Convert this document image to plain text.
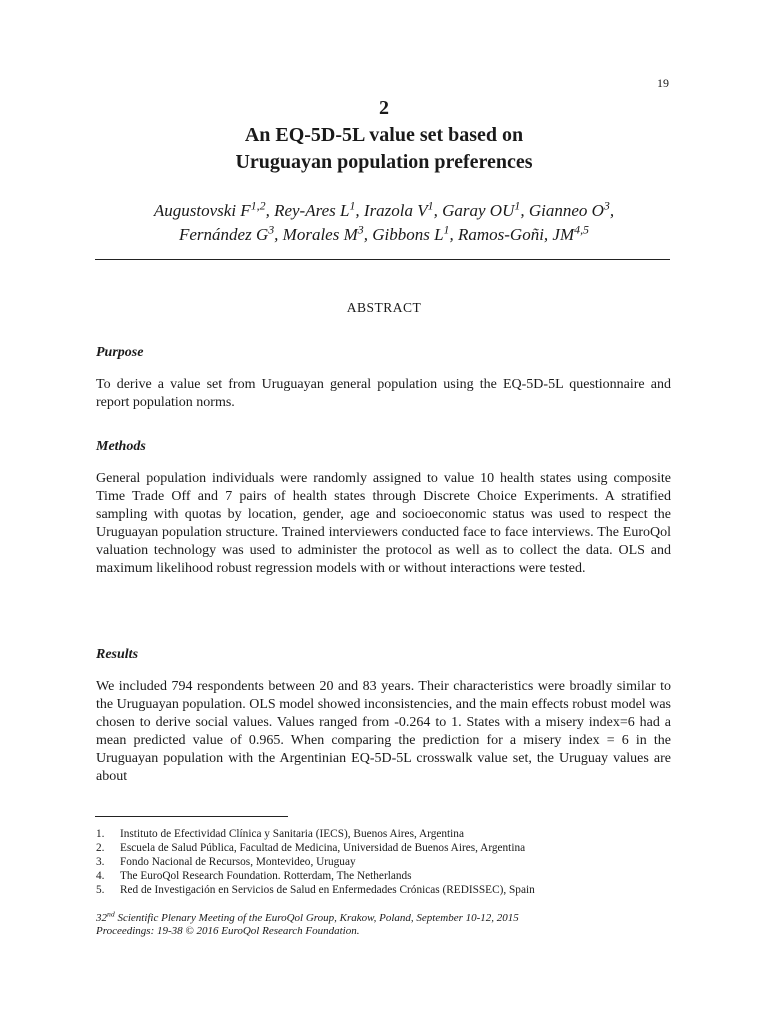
19
2
An EQ-5D-5L value set based on
Uruguayan population preferences
Augustovski F$^{1,2}$, Rey-Ares $L^1$, Irazola $V^1$, Garay $OU^1$, Gianneo $O^3$,
Fernández $G^3$, Morales $M^3$, Gibbons $L^1$, Ramos-Goñi, JM$^{4,5}$
ABSTRACT
Purpose

To derive a value set from Uruguayan general population using the EQ-5D-5L questionnaire and report population norms.

Methods

General population individuals were randomly assigned to value 10 health states using composite Time Trade Off and 7 pairs of health states through Discrete Choice Experiments. A stratified sampling with quotas by location, gender, age and socioeconomic status was used to respect the Uruguayan population structure. Trained interviewers conducted face to face interviews. The EuroQol valuation technology was used to administer the protocol as well as to collect the data. OLS and maximum likelihood robust regression models with or without interactions were tested.

Results

We included 794 respondents between 20 and 83 years. Their characteristics were broadly similar to the Uruguayan population. OLS model showed inconsistencies, and the main effects robust model was chosen to derive social values. Values ranged from -0.264 to 1. States with a misery index=6 had a mean predicted value of 0.965. When comparing the prediction for a misery index = 6 in the Uruguayan population with the Argentinian EQ-5D-5L crosswalk value set, the Uruguay values are about

1. Instituto de Efectividad Clínica y Sanitaria (IECS), Buenos Aires, Argentina
2. Escuela de Salud Pública, Facultad de Medicina, Universidad de Buenos Aires, Argentina
3. Fondo Nacional de Recursos, Montevideo, Uruguay
4. The EuroQol Research Foundation. Rotterdam, The Netherlands
5. Red de Investigación en Servicios de Salud en Enfermedades Crónicas (REDISSEC), Spain
32nd Scientific Plenary Meeting of the EuroQol Group, Krakow, Poland, September 10-12, 2015
Proceedings: 19-38 © 2016 EuroQol Research Foundation.
